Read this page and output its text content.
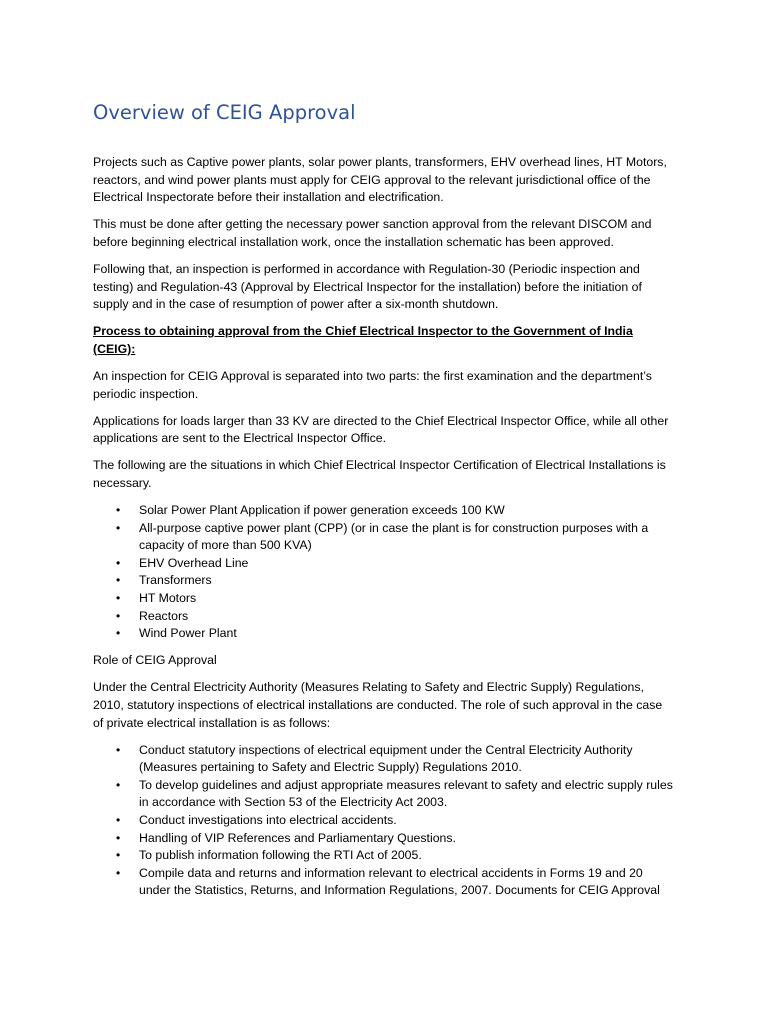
Overview of CEIG Approval

Projects such as Captive power plants, solar power plants, transformers, EHV overhead lines, HT Motors, reactors, and wind power plants must apply for CEIG approval to the relevant jurisdictional office of the Electrical Inspectorate before their installation and electrification.

This must be done after getting the necessary power sanction approval from the relevant DISCOM and before beginning electrical installation work, once the installation schematic has been approved.

Following that, an inspection is performed in accordance with Regulation-30 (Periodic inspection and testing) and Regulation-43 (Approval by Electrical Inspector for the installation) before the initiation of supply and in the case of resumption of power after a six-month shutdown.

Process to obtaining approval from the Chief Electrical Inspector to the Government of India (CEIG):

An inspection for CEIG Approval is separated into two parts: the first examination and the department’s periodic inspection.

Applications for loads larger than 33 KV are directed to the Chief Electrical Inspector Office, while all other applications are sent to the Electrical Inspector Office.

The following are the situations in which Chief Electrical Inspector Certification of Electrical Installations is necessary.

• Solar Power Plant Application if power generation exceeds 100 KW
• All-purpose captive power plant (CPP) (or in case the plant is for construction purposes with a capacity of more than 500 KVA)
• EHV Overhead Line
• Transformers
• HT Motors
• Reactors
• Wind Power Plant

Role of CEIG Approval

Under the Central Electricity Authority (Measures Relating to Safety and Electric Supply) Regulations, 2010, statutory inspections of electrical installations are conducted. The role of such approval in the case of private electrical installation is as follows:

• Conduct statutory inspections of electrical equipment under the Central Electricity Authority (Measures pertaining to Safety and Electric Supply) Regulations 2010.
• To develop guidelines and adjust appropriate measures relevant to safety and electric supply rules in accordance with Section 53 of the Electricity Act 2003.
• Conduct investigations into electrical accidents.
• Handling of VIP References and Parliamentary Questions.
• To publish information following the RTI Act of 2005.
• Compile data and returns and information relevant to electrical accidents in Forms 19 and 20 under the Statistics, Returns, and Information Regulations, 2007. Documents for CEIG Approval
